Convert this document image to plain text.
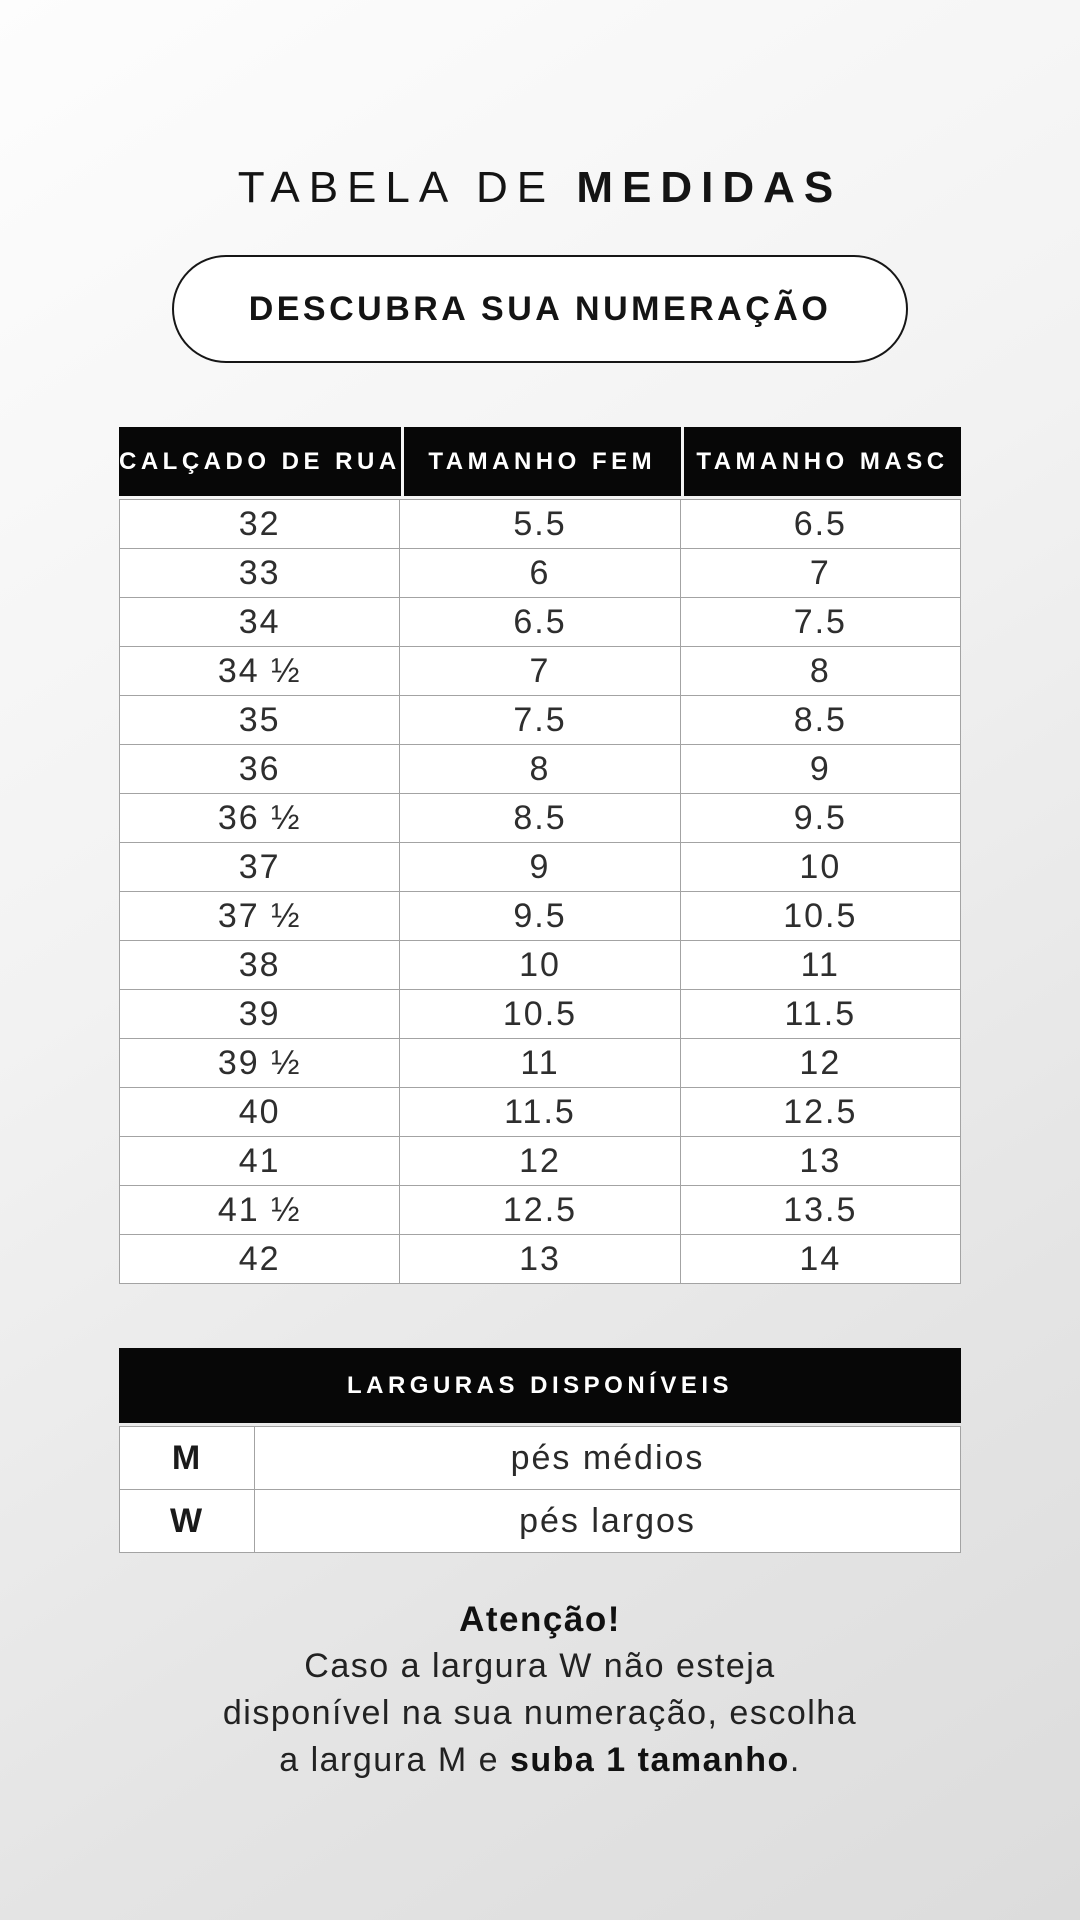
TABELA DE MEDIDAS
DESCUBRA SUA NUMERAÇÃO
CALÇADO DE RUA	TAMANHO FEM	TAMANHO MASC
32	5.5	6.5
33	6	7
34	6.5	7.5
34 ½	7	8
35	7.5	8.5
36	8	9
36 ½	8.5	9.5
37	9	10
37 ½	9.5	10.5
38	10	11
39	10.5	11.5
39 ½	11	12
40	11.5	12.5
41	12	13
41 ½	12.5	13.5
42	13	14
LARGURAS DISPONÍVEIS
M	pés médios
W	pés largos
Atenção!
Caso a largura W não esteja
disponível na sua numeração, escolha
a largura M e suba 1 tamanho.
